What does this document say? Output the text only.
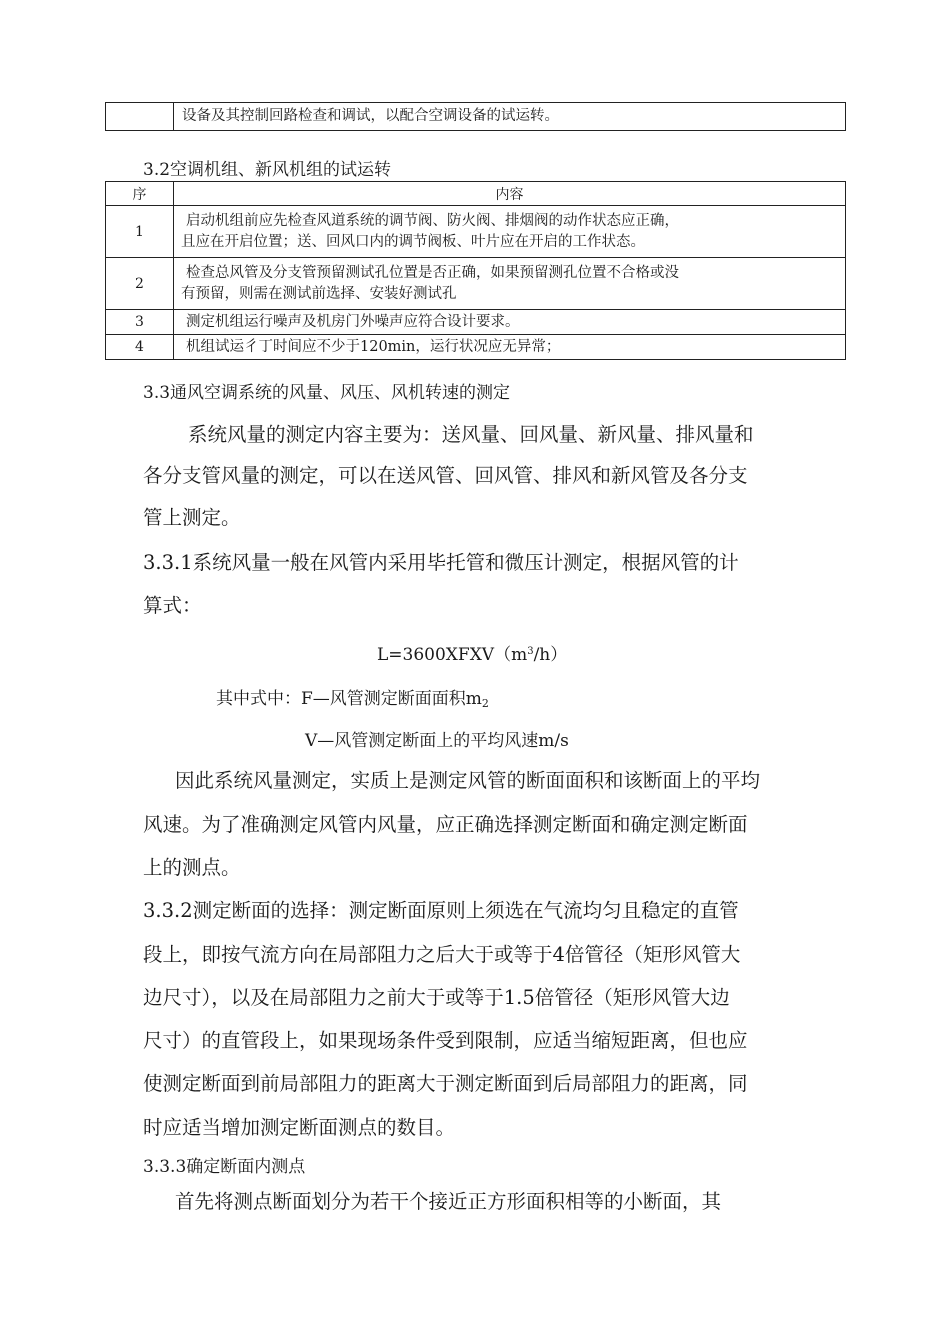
	设备及其控制回路检查和调试，以配合空调设备的试运转。
3.2空调机组、新风机组的试运转
序	内容
1	启动机组前应先检查风道系统的调节阀、防火阀、排烟阀的动作状态应正确，
且应在开启位置；送、回风口内的调节阀板、叶片应在开启的工作状态。

2	检查总风管及分支管预留测试孔位置是否正确，如果预留测孔位置不合格或没
有预留，则需在测试前选择、安装好测试孔

3	测定机组运行噪声及机房门外噪声应符合设计要求。

4	机组试运彳丁时间应不少于120min，运行状况应无异常；
3.3通风空调系统的风量、风压、风机转速的测定
系统风量的测定内容主要为：送风量、回风量、新风量、排风量和
各分支管风量的测定，可以在送风管、回风管、排风和新风管及各分支
管上测定。
3.3.1系统风量一般在风管内采用毕托管和微压计测定，根据风管的计
算式：
$L=3600XFXV(m^3/h)$
其中式中：F—风管测定断面面积m2
V—风管测定断面上的平均风速m/s
因此系统风量测定，实质上是测定风管的断面面积和该断面上的平均
风速。为了准确测定风管内风量，应正确选择测定断面和确定测定断面
上的测点。
3.3.2测定断面的选择：测定断面原则上须选在气流均匀且稳定的直管
段上，即按气流方向在局部阻力之后大于或等于4倍管径（矩形风管大
边尺寸），以及在局部阻力之前大于或等于1.5倍管径（矩形风管大边
尺寸）的直管段上，如果现场条件受到限制，应适当缩短距离，但也应
使测定断面到前局部阻力的距离大于测定断面到后局部阻力的距离，同
时应适当增加测定断面测点的数目。
3.3.3确定断面内测点
首先将测点断面划分为若干个接近正方形面积相等的小断面，其
